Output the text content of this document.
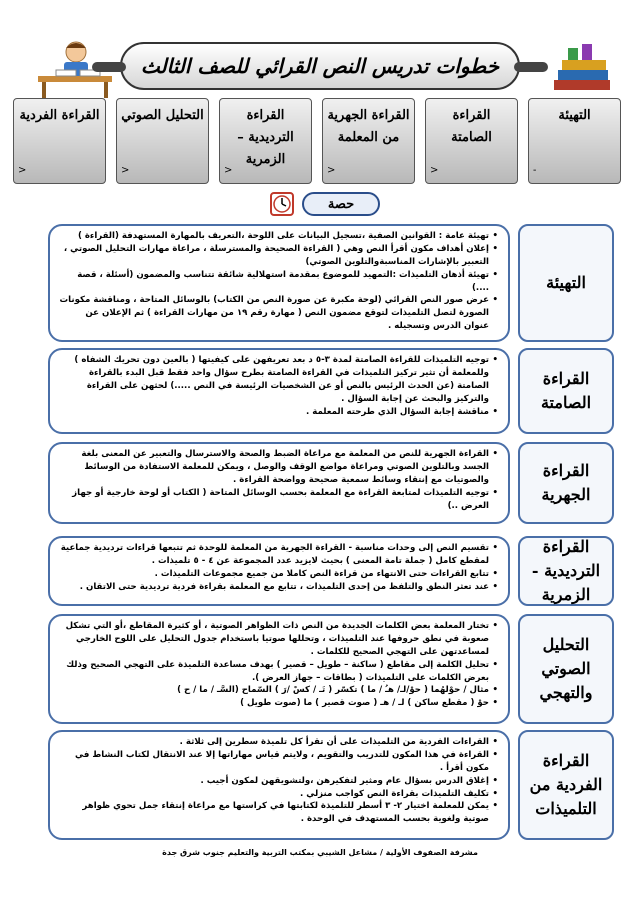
خطوات تدريس النص القرائي للصف الثالث
التهيئة
-
القراءة الصامتة
<
القراءة الجهرية من المعلمة
<
القراءة الترديدية – الزمرية
<
التحليل الصوتي
<
القراءة الفردية
<
حصة
التهيئة
• تهيئة عامة : القوانين الصفية ،تسجيل البيانات على اللوحة ،التعريف بالمهارة المستهدفة (القراءة )
• إعلان أهداف مكون أقرأ النص وهي ( القراءة الصحيحة والمسترسلة ، مراعاة مهارات التحليل الصوتي ، التعبير بالإشارات المناسبةوالتلوين الصوتي)
• تهيئة أذهان التلميذات :التمهيد للموضوع بمقدمة استهلالية شائقة تتناسب والمضمون (أسئلة ، قصة ....)
• عرض صور النص القرائي (لوحة مكبرة عن صورة النص من الكتاب) بالوسائل المتاحة ، ومناقشة مكونات الصورة لتصل التلميذات لتوقع مضمون النص ( مهارة رقم ١٩ من مهارات القراءة ) ثم الإعلان عن عنوان الدرس وتسجيله .
القراءة الصامتة
• توجيه التلميذات للقراءة الصامتة لمدة ٣-٥ د بعد تعريفهن على كيفيتها ( بالعين دون تحريك الشفاه ) وللمعلمة أن تثير تركيز التلميذات في القراءة الصامتة بطرح سؤال واحد فقط قبل البدء بالقراءة الصامتة (عن الحدث الرئيس بالنص أو عن الشخصيات الرئيسة في النص .....) لحثهن على القراءة والتركيز والبحث عن إجابة السؤال .
• مناقشة إجابة السؤال الذي طرحته المعلمة .
القراءة الجهرية
• القراءة الجهرية للنص من المعلمة مع مراعاة الضبط والصحة والاسترسال والتعبير عن المعنى بلغة الجسد وبالتلوين الصوتي ومراعاة مواضع الوقف والوصل ، ويمكن للمعلمة الاستفادة من الوسائط والصوتيات مع إنتقاء وسائط سمعية صحيحة وواضحة القراءة .
• توجيه التلميذات لمتابعة القراءة مع المعلمة بحسب الوسائل المتاحة ( الكتاب أو لوحة خارجية أو جهاز العرض ..)
القراءة الترديدية - الزمرية
• تقسيم النص إلى وحدات مناسبة - القراءة الجهرية من المعلمة للوحدة ثم تتبعها قراءات ترديدية جماعية لمقطع كامل ( جملة تامة المعنى ) بحيث لايزيد عدد المجموعة عن ٤ - ٥ تلميذات .
• تتابع القراءات حتى الانتهاء من قراءة النص كاملا من جميع مجموعات التلميذات .
• عند تعثر النطق والتلفظ من إحدى التلميذات ، تتابع مع المعلمة بقراءة فردية ترديدية حتى الاتقان .
التحليل الصوتي والتهجي
• تختار المعلمة بعض الكلمات الجديدة من النص ذات الظواهر الصوتية ، أو كثيرة المقاطع ،أو التي تشكل صعوبة في نطق حروفها عند التلميذات ، وتحللها صوتيا باستخدام جدول التحليل على اللوح الخارجي لمساعدتهن على التهجي الصحيح للكلمات .
• تحليل الكلمة إلى مقاطع ( ساكنة – طويل – قصير ) بهدف مساعدة التلميذة على التهجي الصحيح وذلك بعرض الكلمات على التلميذات ( بطاقات – جهاز العرض ).
• مثال / حوْلهُما ( حوْ/لـ/ هـُ / ما ) تكسّر ( تَـ / كسْ /رَ ) السّماح (السَّـ / ما / ح )
• حوْ ( مقطع ساكن ) لـ / هـ ( صوت قصير ) ما (صوت طويل )
القراءة الفردية من التلميذات
• القراءات الفردية من التلميذات على أن تقرأ كل تلميذة سطرين إلى ثلاثة .
• القراءة في هذا المكون للتدريب والتقويم ، ولايتم قياس مهاراتها إلا عند الانتقال لكتاب النشاط في مكون أقرأ .
• إغلاق الدرس بسؤال عام ومثير لتفكيرهن ،ولتشويقهن لمكون أجيب .
• تكليف التلميذات بقراءة النص كواجب منزلي .
• يمكن للمعلمة اختيار ٢- ٣ أسطر للتلميذة لكتابتها في كراستها مع مراعاة إنتقاء جمل تحوي ظواهر صوتية ولغوية بحسب المستهدف في الوحدة .
مشرفة الصفوف الأولية / مشاعل الشيبي بمكتب التربية والتعليم جنوب شرق جدة
